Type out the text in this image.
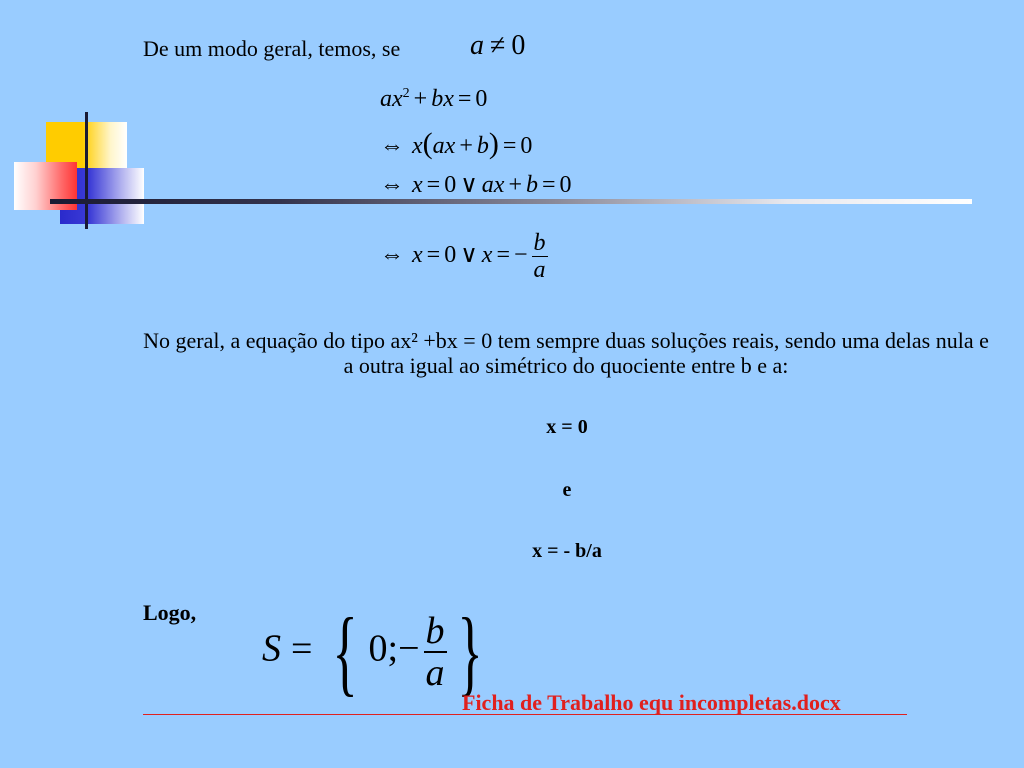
De um modo geral, temos, se a ≠ 0
$ax^2$ + bx = 0
⇔ x(ax + b) = 0
⇔ x = 0 ∨ ax + b = 0
⇔ x = 0 ∨ x = − $\frac{b}{a}$
No geral, a equação do tipo ax² +bx = 0 tem sempre duas soluções reais, sendo uma delas nula e a outra igual ao simétrico do quociente entre b e a:
x = 0
e
x = - b/a
Logo,
S = { 0;− $\frac{b}{a}$ }
Ficha de Trabalho equ incompletas.docx
